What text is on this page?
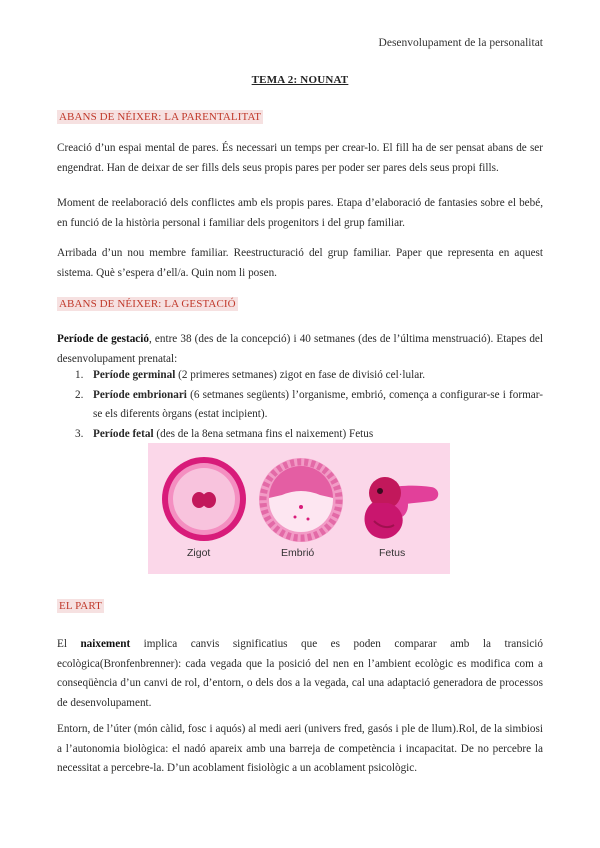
Desenvolupament de la personalitat
TEMA 2: NOUNAT
ABANS DE NÉIXER: LA PARENTALITAT
Creació d’un espai mental de pares. És necessari un temps per crear-lo. El fill ha de ser pensat abans de ser engendrat. Han de deixar de ser fills dels seus propis pares per poder ser pares dels seus propi fills.
Moment de reelaboració dels conflictes amb els propis pares. Etapa d’elaboració de fantasies sobre el bebé, en funció de la història personal i familiar dels progenitors i del grup familiar.
Arribada d’un nou membre familiar. Reestructuració del grup familiar. Paper que representa en aquest sistema. Què s’espera d’ell/a. Quin nom li posen.
ABANS DE NÉIXER: LA GESTACIÓ
Període de gestació, entre 38 (des de la concepció) i 40 setmanes (des de l’última menstruació). Etapes del desenvolupament prenatal:
1. Període germinal (2 primeres setmanes) zigot en fase de divisió cel·lular.
2. Període embrionari (6 setmanes següents) l’organisme, embrió, comença a configurar-se i formar-se els diferents òrgans (estat incipient).
3. Període fetal (des de la 8ena setmana fins el naixement) Fetus
Zigot	Embrió	Fetus
EL PART
El naixement implica canvis significatius que es poden comparar amb la transició ecològica(Bronfenbrenner): cada vegada que la posició del nen en l’ambient ecològic es modifica com a conseqüència d’un canvi de rol, d’entorn, o dels dos a la vegada, cal una adaptació generadora de processos de desenvolupament.
Entorn, de l’úter (món càlid, fosc i aquós) al medi aeri (univers fred, gasós i ple de llum).Rol, de la simbiosi a l’autonomia biològica: el nadó apareix amb una barreja de competència i incapacitat. De no percebre la necessitat a percebre-la. D’un acoblament fisiològic a un acoblament psicològic.
